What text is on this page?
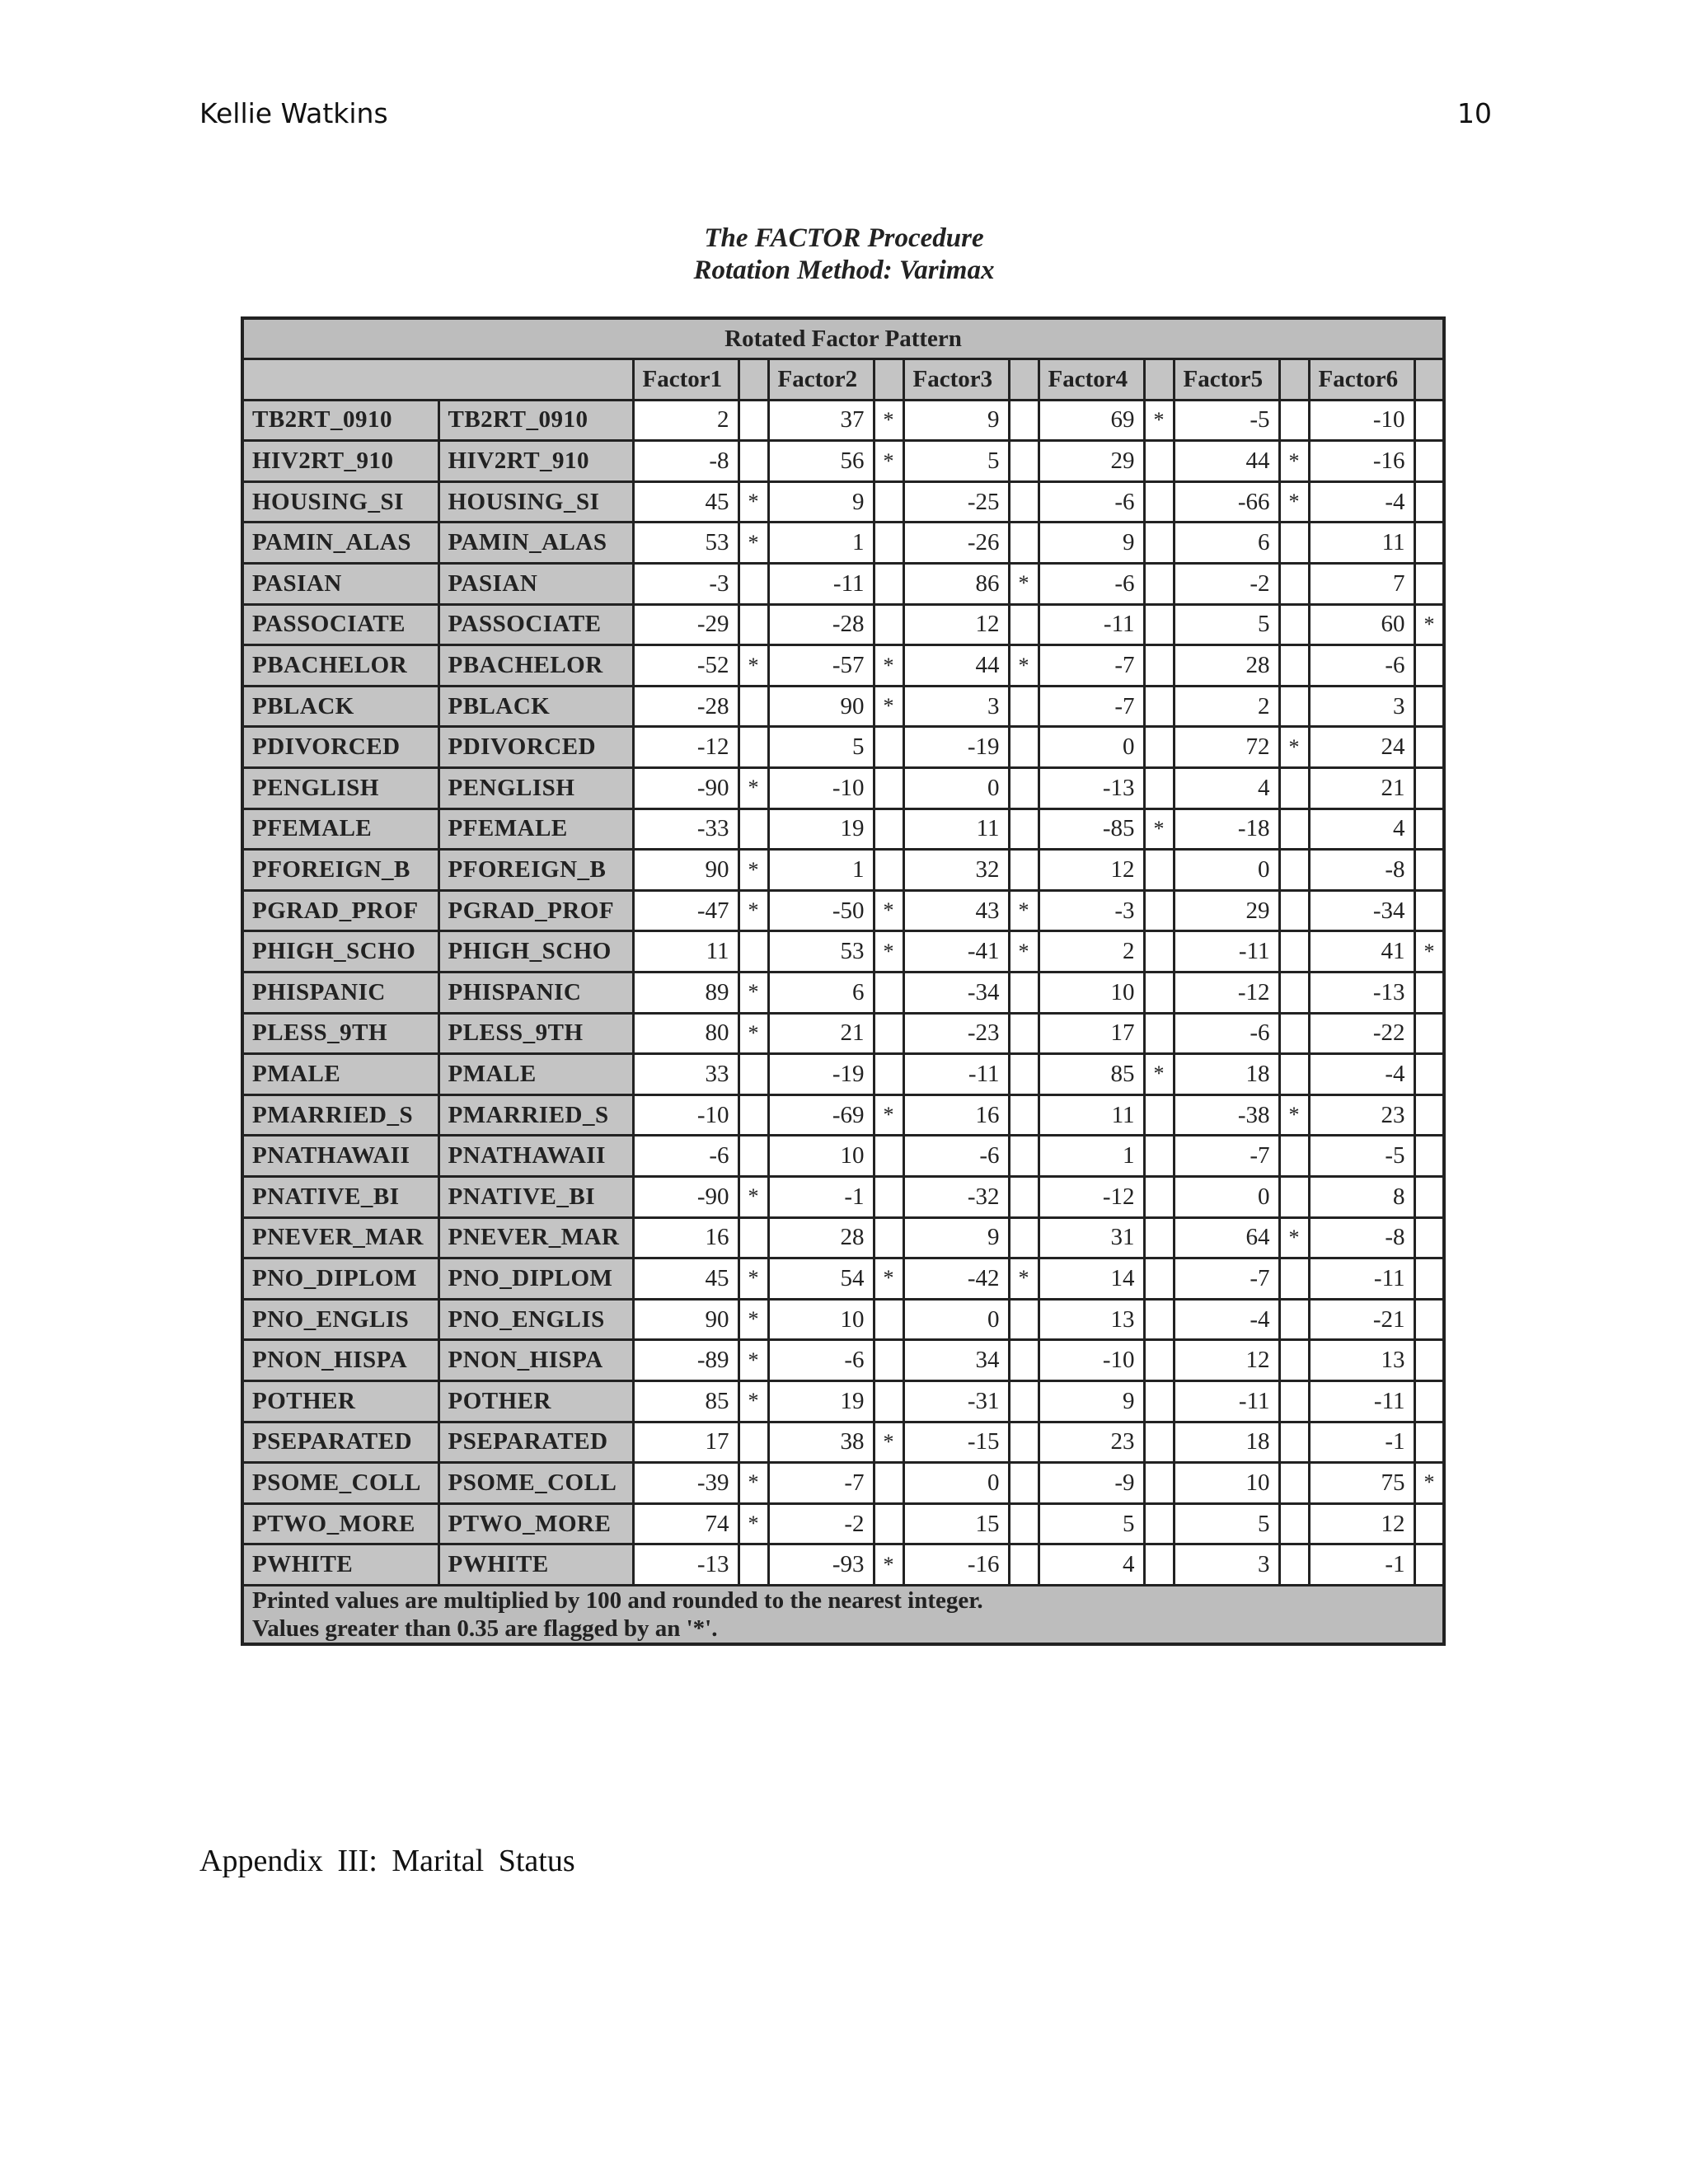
Kellie Watkins	10
The FACTOR Procedure
Rotation Method: Varimax
Rotated Factor Pattern													
		Factor1		Factor2		Factor3		Factor4		Factor5		Factor6	
TB2RT_0910	TB2RT_0910	2		37	*	9		69	*	-5		-10	
HIV2RT_910	HIV2RT_910	-8		56	*	5		29		44	*	-16	
HOUSING_SI	HOUSING_SI	45	*	9		-25		-6		-66	*	-4	
PAMIN_ALAS	PAMIN_ALAS	53	*	1		-26		9		6		11	
PASIAN	PASIAN	-3		-11		86	*	-6		-2		7	
PASSOCIATE	PASSOCIATE	-29		-28		12		-11		5		60	*
PBACHELOR	PBACHELOR	-52	*	-57	*	44	*	-7		28		-6	
PBLACK	PBLACK	-28		90	*	3		-7		2		3	
PDIVORCED	PDIVORCED	-12		5		-19		0		72	*	24	
PENGLISH	PENGLISH	-90	*	-10		0		-13		4		21	
PFEMALE	PFEMALE	-33		19		11		-85	*	-18		4	
PFOREIGN_B	PFOREIGN_B	90	*	1		32		12		0		-8	
PGRAD_PROF	PGRAD_PROF	-47	*	-50	*	43	*	-3		29		-34	
PHIGH_SCHO	PHIGH_SCHO	11		53	*	-41	*	2		-11		41	*
PHISPANIC	PHISPANIC	89	*	6		-34		10		-12		-13	
PLESS_9TH	PLESS_9TH	80	*	21		-23		17		-6		-22	
PMALE	PMALE	33		-19		-11		85	*	18		-4	
PMARRIED_S	PMARRIED_S	-10		-69	*	16		11		-38	*	23	
PNATHAWAII	PNATHAWAII	-6		10		-6		1		-7		-5	
PNATIVE_BI	PNATIVE_BI	-90	*	-1		-32		-12		0		8	
PNEVER_MAR	PNEVER_MAR	16		28		9		31		64	*	-8	
PNO_DIPLOM	PNO_DIPLOM	45	*	54	*	-42	*	14		-7		-11	
PNO_ENGLIS	PNO_ENGLIS	90	*	10		0		13		-4		-21	
PNON_HISPA	PNON_HISPA	-89	*	-6		34		-10		12		13	
POTHER	POTHER	85	*	19		-31		9		-11		-11	
PSEPARATED	PSEPARATED	17		38	*	-15		23		18		-1	
PSOME_COLL	PSOME_COLL	-39	*	-7		0		-9		10		75	*
PTWO_MORE	PTWO_MORE	74	*	-2		15		5		5		12	
PWHITE	PWHITE	-13		-93	*	-16		4		3		-1	

Printed values are multiplied by 100 and rounded to the nearest integer.
Values greater than 0.35 are flagged by an '*'.													
Appendix III: Marital Status
